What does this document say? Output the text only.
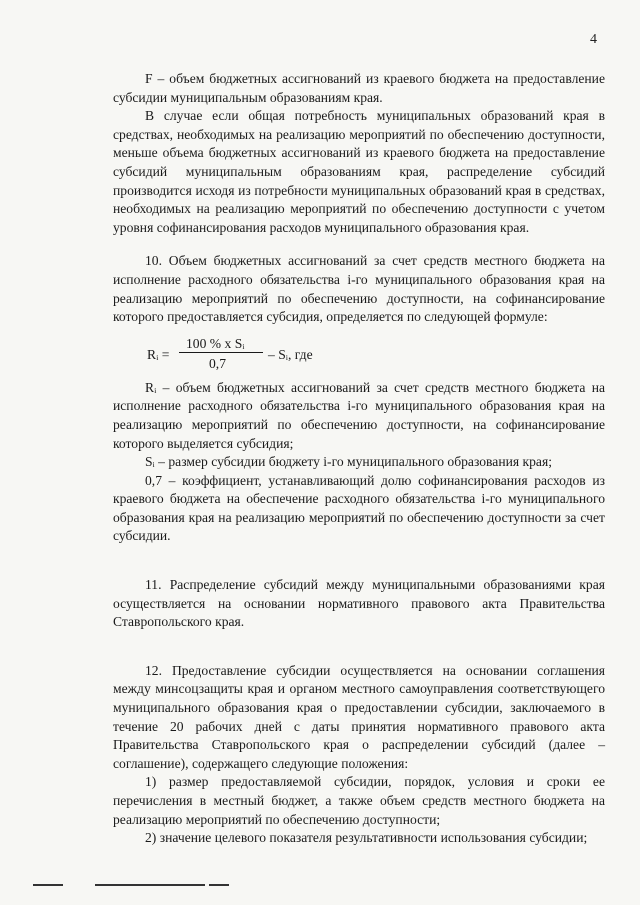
4

F – объем бюджетных ассигнований из краевого бюджета на предоставление субсидии муниципальным образованиям края.

В случае если общая потребность муниципальных образований края в средствах, необходимых на реализацию мероприятий по обеспечению доступности, меньше объема бюджетных ассигнований из краевого бюджета на предоставление субсидий муниципальным образованиям края, распределение субсидий производится исходя из потребности муниципальных образований края в средствах, необходимых на реализацию мероприятий по обеспечению доступности с учетом уровня софинансирования расходов муниципального образования края.

10. Объем бюджетных ассигнований за счет средств местного бюджета на исполнение расходного обязательства i-го муниципального образования края на реализацию мероприятий по обеспечению доступности, на софинансирование которого предоставляется субсидия, определяется по следующей формуле:

Rᵢ =
100 % x Sᵢ
0,7
– Sᵢ, где

Rᵢ – объем бюджетных ассигнований за счет средств местного бюджета на исполнение расходного обязательства i-го муниципального образования края на реализацию мероприятий по обеспечению доступности, на софинансирование которого выделяется субсидия;

Sᵢ – размер субсидии бюджету i-го муниципального образования края;

0,7 – коэффициент, устанавливающий долю софинансирования расходов из краевого бюджета на обеспечение расходного обязательства i-го муниципального образования края на реализацию мероприятий по обеспечению доступности за счет субсидии.

11. Распределение субсидий между муниципальными образованиями края осуществляется на основании нормативного правового акта Правительства Ставропольского края.

12. Предоставление субсидии осуществляется на основании соглашения между минсоцзащиты края и органом местного самоуправления соответствующего муниципального образования края о предоставлении субсидии, заключаемого в течение 20 рабочих дней с даты принятия нормативного правового акта Правительства Ставропольского края о распределении субсидий (далее – соглашение), содержащего следующие положения:

1) размер предоставляемой субсидии, порядок, условия и сроки ее перечисления в местный бюджет, а также объем средств местного бюджета на реализацию мероприятий по обеспечению доступности;

2) значение целевого показателя результативности использования субсидии;
